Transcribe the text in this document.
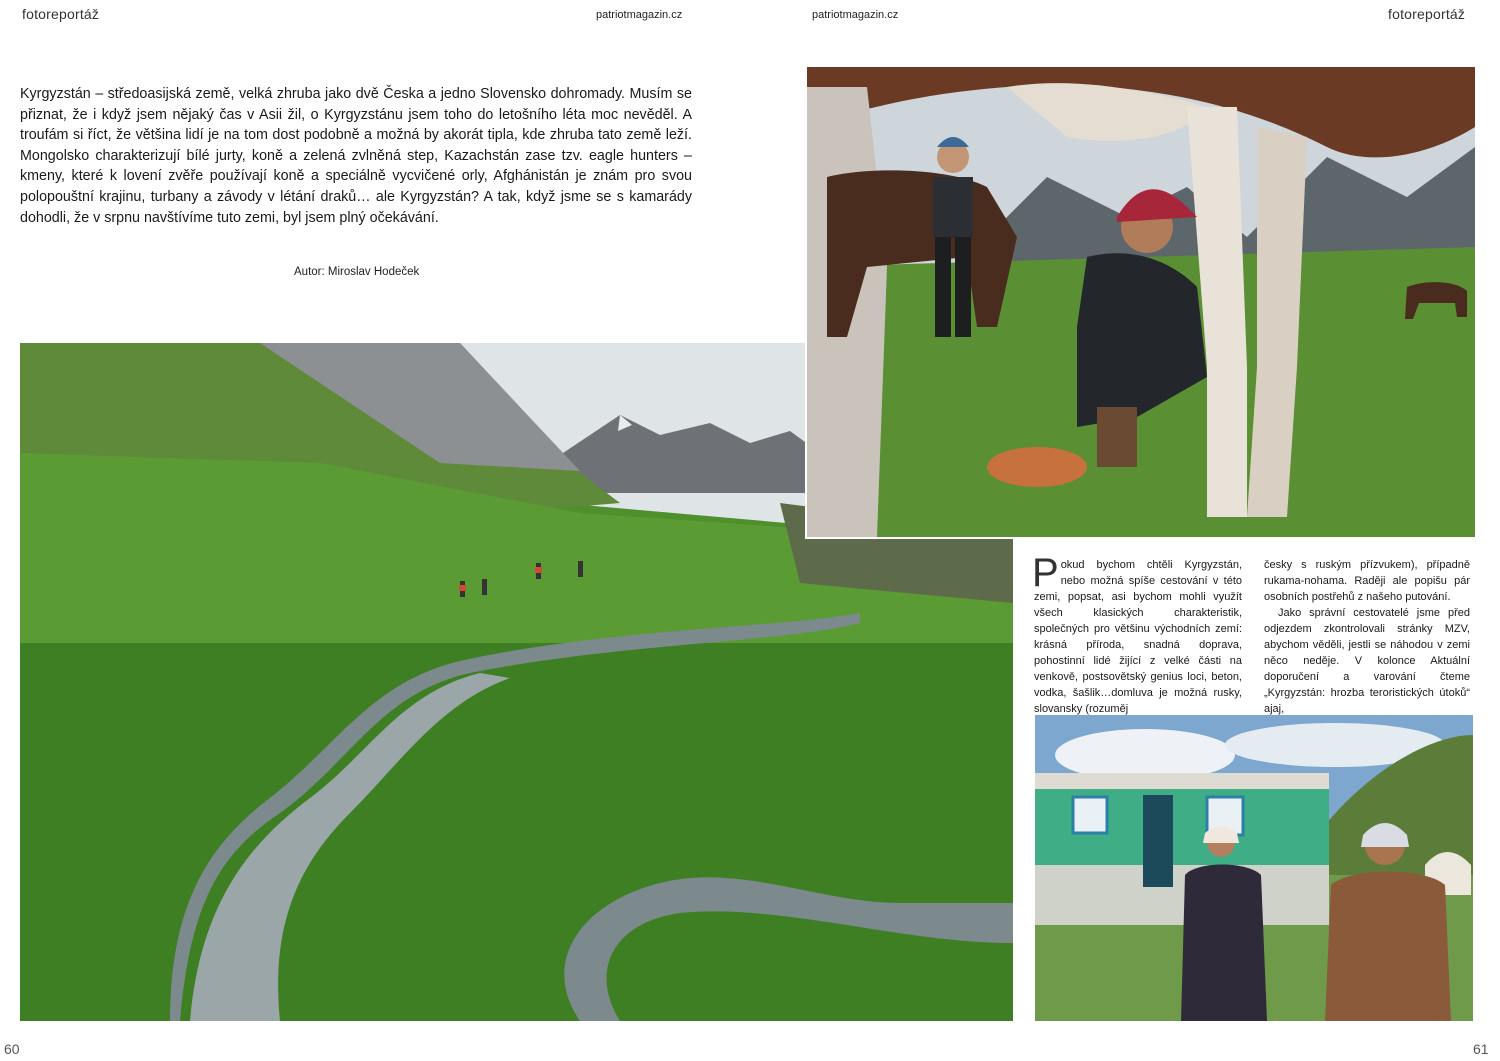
fotoreportáž	patriotmagazin.cz	patriotmagazin.cz	fotoreportáž
Kyrgyzstán – středoasijská země, velká zhruba jako dvě Česka a jedno Slovensko dohromady. Musím se přiznat, že i když jsem nějaký čas v Asii žil, o Kyrgyzstánu jsem toho do letošního léta moc nevěděl. A troufám si říct, že většina lidí je na tom dost podobně a možná by akorát tipla, kde zhruba tato země leží. Mongolsko charakterizují bílé jurty, koně a zelená zvlněná step, Kazachstán zase tzv. eagle hunters – kmeny, které k lovení zvěře používají koně a speciálně vycvičené orly, Afghánistán je znám pro svou polopouštní krajinu, turbany a závody v létání draků… ale Kyrgyzstán? A tak, když jsme se s kamarády dohodli, že v srpnu navštívíme tuto zemi, byl jsem plný očekávání.
Autor: Miroslav Hodeček

Pokud bychom chtěli Kyrgyzstán, nebo možná spíše cestování v této zemi, popsat, asi bychom mohli využít všech klasických charakteristik, společných pro většinu východních zemí: krásná příroda, snadná doprava, pohostinní lidé žijící z velké části na venkově, postsovětský genius loci, beton, vodka, šašlik…domluva je možná rusky, slovansky (rozuměj

česky s ruským přízvukem), případně rukama-nohama. Raději ale popišu pár osobních postřehů z našeho putování.

Jako správní cestovatelé jsme před odjezdem zkontrolovali stránky MZV, abychom věděli, jestli se náhodou v zemi něco neděje. V kolonce Aktuální doporučení a varování čteme „Kyrgyzstán: hrozba teroristických útoků“ ajaj,

60	61
